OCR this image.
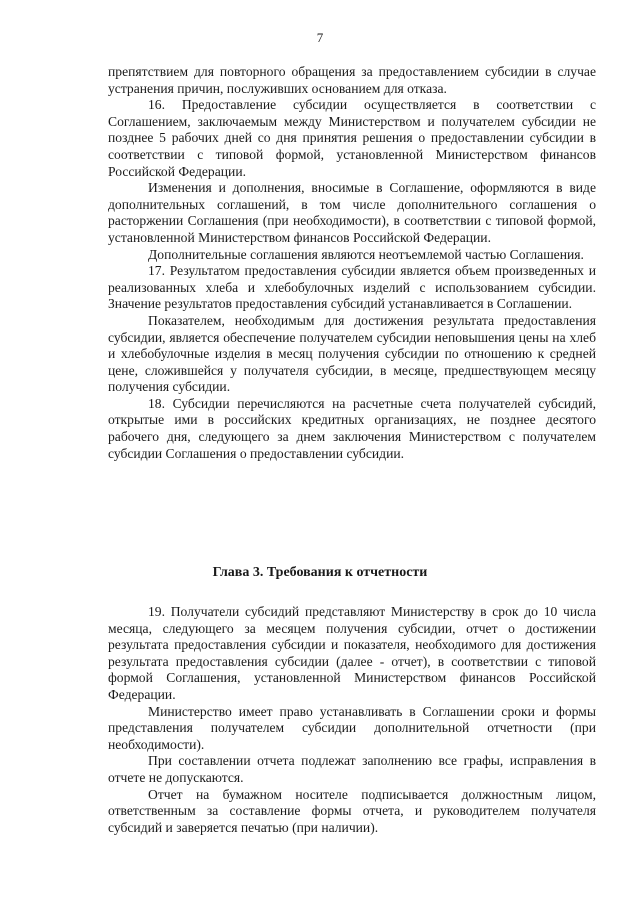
7

препятствием для повторного обращения за предоставлением субсидии в случае устранения причин, послуживших основанием для отказа.

16. Предоставление субсидии осуществляется в соответствии с Соглашением, заключаемым между Министерством и получателем субсидии не позднее 5 рабочих дней со дня принятия решения о предоставлении субсидии в соответствии с типовой формой, установленной Министерством финансов Российской Федерации.

Изменения и дополнения, вносимые в Соглашение, оформляются в виде дополнительных соглашений, в том числе дополнительного соглашения о расторжении Соглашения (при необходимости), в соответствии с типовой формой, установленной Министерством финансов Российской Федерации.

Дополнительные соглашения являются неотъемлемой частью Соглашения.

17. Результатом предоставления субсидии является объем произведенных и реализованных хлеба и хлебобулочных изделий с использованием субсидии. Значение результатов предоставления субсидий устанавливается в Соглашении.

Показателем, необходимым для достижения результата предоставления субсидии, является обеспечение получателем субсидии неповышения цены на хлеб и хлебобулочные изделия в месяц получения субсидии по отношению к средней цене, сложившейся у получателя субсидии, в месяце, предшествующем месяцу получения субсидии.

18. Субсидии перечисляются на расчетные счета получателей субсидий, открытые ими в российских кредитных организациях, не позднее десятого рабочего дня, следующего за днем заключения Министерством с получателем субсидии Соглашения о предоставлении субсидии.

Глава 3. Требования к отчетности

19. Получатели субсидий представляют Министерству в срок до 10 числа месяца, следующего за месяцем получения субсидии, отчет о достижении результата предоставления субсидии и показателя, необходимого для достижения результата предоставления субсидии (далее - отчет), в соответствии с типовой формой Соглашения, установленной Министерством финансов Российской Федерации.

Министерство имеет право устанавливать в Соглашении сроки и формы представления получателем субсидии дополнительной отчетности (при необходимости).

При составлении отчета подлежат заполнению все графы, исправления в отчете не допускаются.

Отчет на бумажном носителе подписывается должностным лицом, ответственным за составление формы отчета, и руководителем получателя субсидий и заверяется печатью (при наличии).
